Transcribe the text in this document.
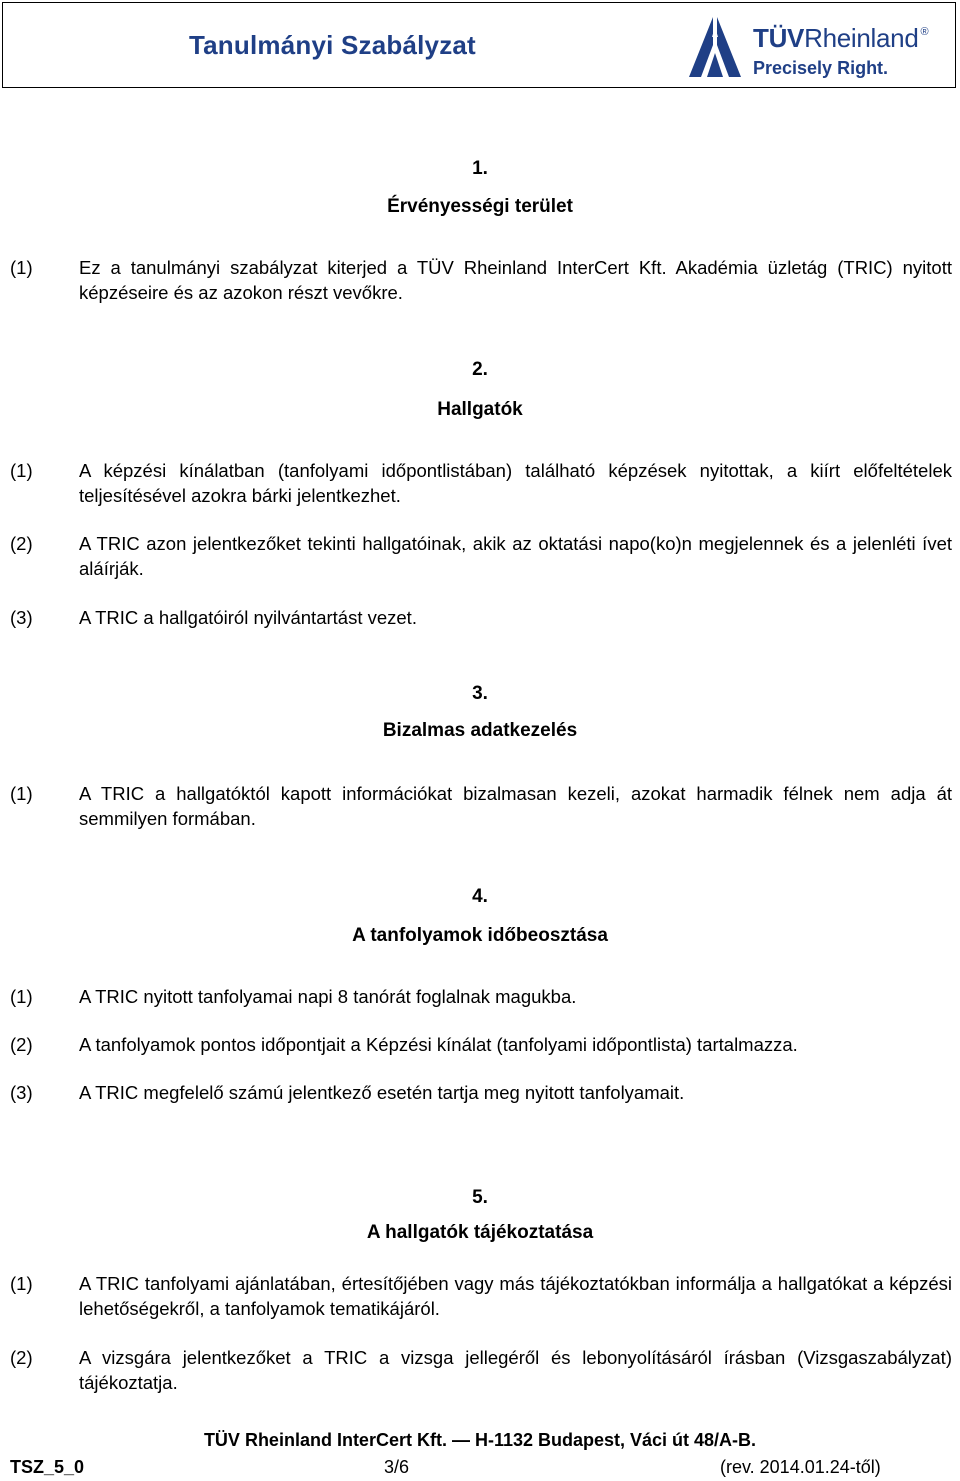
Tanulmányi Szabályzat	TÜVRheinland ®
Precisely Right.
1.
Érvényességi terület
(1)	Ez a tanulmányi szabályzat kiterjed a TÜV Rheinland InterCert Kft. Akadémia üzletág (TRIC) nyitott képzéseire és az azokon részt vevőkre.
2.
Hallgatók
(1)	A képzési kínálatban (tanfolyami időpontlistában) található képzések nyitottak, a kiírt előfeltételek teljesítésével azokra bárki jelentkezhet.
(2)	A TRIC azon jelentkezőket tekinti hallgatóinak, akik az oktatási napo(ko)n megjelennek és a jelenléti ívet aláírják.
(3)	A TRIC a hallgatóiról nyilvántartást vezet.
3.
Bizalmas adatkezelés
(1)	A TRIC a hallgatóktól kapott információkat bizalmasan kezeli, azokat harmadik félnek nem adja át semmilyen formában.
4.
A tanfolyamok időbeosztása
(1)	A TRIC nyitott tanfolyamai napi 8 tanórát foglalnak magukba.
(2)	A tanfolyamok pontos időpontjait a Képzési kínálat (tanfolyami időpontlista) tartalmazza.
(3)	A TRIC megfelelő számú jelentkező esetén tartja meg nyitott tanfolyamait.
5.
A hallgatók tájékoztatása
(1)	A TRIC tanfolyami ajánlatában, értesítőjében vagy más tájékoztatókban informálja a hallgatókat a képzési lehetőségekről, a tanfolyamok tematikájáról.
(2)	A vizsgára jelentkezőket a TRIC a vizsga jellegéről és lebonyolításáról írásban (Vizsgaszabályzat) tájékoztatja.
TÜV Rheinland InterCert Kft. — H-1132 Budapest, Váci út 48/A-B.
TSZ_5_0	3/6	(rev. 2014.01.24-től)
